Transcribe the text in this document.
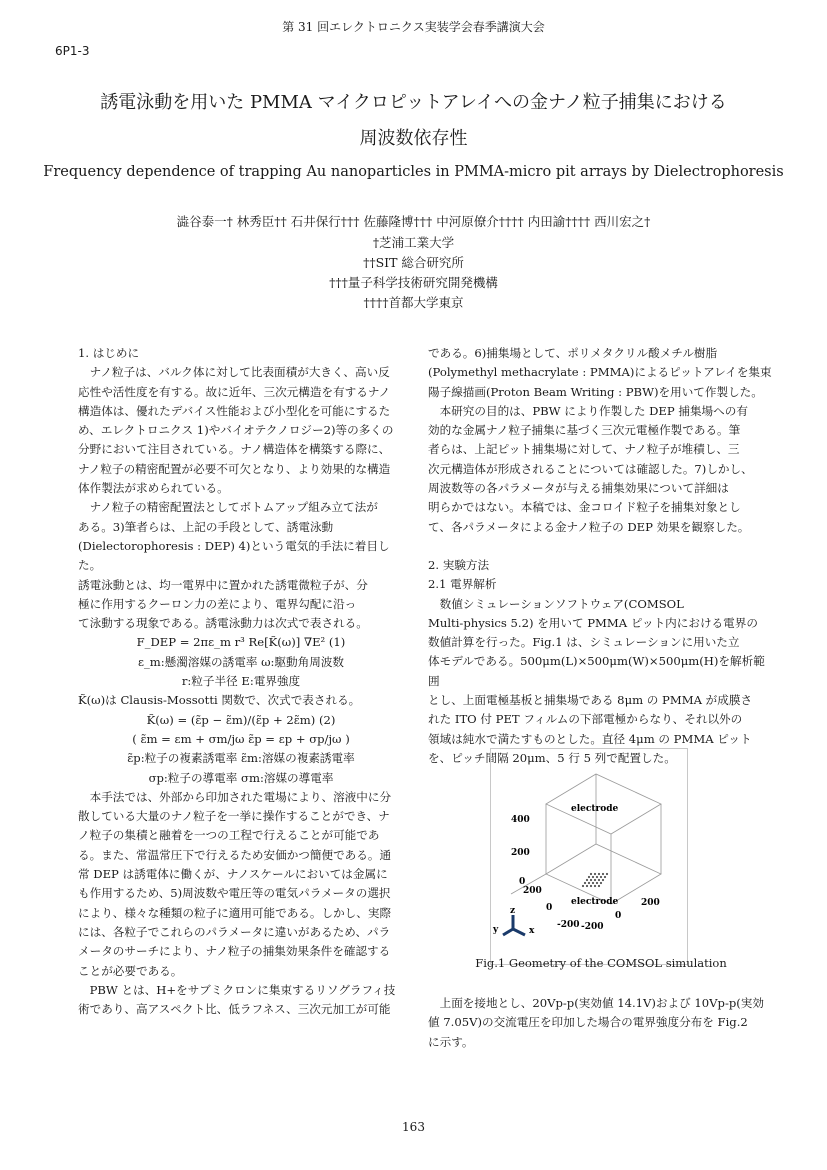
第 31 回エレクトロニクス実装学会春季講演大会
6P1-3
誘電泳動を用いた PMMA マイクロピットアレイへの金ナノ粒子捕集における
周波数依存性
Frequency dependence of trapping Au nanoparticles in PMMA-micro pit arrays by Dielectrophoresis
澁谷泰一† 林秀臣†† 石井保行††† 佐藤隆博††† 中河原僚介†††† 内田諭†††† 西川宏之†
†芝浦工業大学
††SIT 総合研究所
†††量子科学技術研究開発機構
††††首都大学東京

1. はじめに

ナノ粒子は、バルク体に対して比表面積が大きく、高い反

応性や活性度を有する。故に近年、三次元構造を有するナノ

構造体は、優れたデバイス性能および小型化を可能にするた

め、エレクトロニクス 1)やバイオテクノロジー2)等の多くの

分野において注目されている。ナノ構造体を構築する際に、

ナノ粒子の精密配置が必要不可欠となり、より効果的な構造

体作製法が求められている。

ナノ粒子の精密配置法としてボトムアップ組み立て法が

ある。3)筆者らは、上記の手段として、誘電泳動

(Dielectorophoresis : DEP) 4)という電気的手法に着目した。

誘電泳動とは、均一電界中に置かれた誘電微粒子が、分

極に作用するクーロン力の差により、電界勾配に沿っ

て泳動する現象である。誘電泳動力は次式で表される。

F_DEP = 2πε_m r³ Re[K̃(ω)] ∇E² (1)

ε_m:懸濁溶媒の誘電率 ω:駆動角周波数

r:粒子半径 E:電界強度

K̃(ω)は Clausis-Mossotti 関数で、次式で表される。

K̃(ω) = (ε̃p − ε̃m)/(ε̃p + 2ε̃m) (2)

( ε̃m = εm + σm/jω ε̃p = εp + σp/jω )

ε̃p:粒子の複素誘電率 ε̃m:溶媒の複素誘電率

σp:粒子の導電率 σm:溶媒の導電率

本手法では、外部から印加された電場により、溶液中に分

散している大量のナノ粒子を一挙に操作することができ、ナ

ノ粒子の集積と融着を一つの工程で行えることが可能であ

る。また、常温常圧下で行えるため安価かつ簡便である。通

常 DEP は誘電体に働くが、ナノスケールにおいては金属に

も作用するため、5)周波数や電圧等の電気パラメータの選択

により、様々な種類の粒子に適用可能である。しかし、実際

には、各粒子でこれらのパラメータに違いがあるため、パラ

メータのサーチにより、ナノ粒子の捕集効果条件を確認する

ことが必要である。

PBW とは、H+をサブミクロンに集束するリソグラフィ技

術であり、高アスペクト比、低ラフネス、三次元加工が可能

である。6)捕集場として、ポリメタクリル酸メチル樹脂

(Polymethyl methacrylate : PMMA)によるピットアレイを集束

陽子線描画(Proton Beam Writing : PBW)を用いて作製した。

本研究の目的は、PBW により作製した DEP 捕集場への有

効的な金属ナノ粒子捕集に基づく三次元電極作製である。筆

者らは、上記ピット捕集場に対して、ナノ粒子が堆積し、三

次元構造体が形成されることについては確認した。7)しかし、

周波数等の各パラメータが与える捕集効果について詳細は

明らかではない。本稿では、金コロイド粒子を捕集対象とし

て、各パラメータによる金ナノ粒子の DEP 効果を観察した。

2. 実験方法

2.1 電界解析

数値シミュレーションソフトウェア(COMSOL

Multi-physics 5.2) を用いて PMMA ピット内における電界の

数値計算を行った。Fig.1 は、シミュレーションに用いた立

体モデルである。500μm(L)×500μm(W)×500μm(H)を解析範囲

とし、上面電極基板と捕集場である 8μm の PMMA が成膜さ

れた ITO 付 PET フィルムの下部電極からなり、それ以外の

領域は純水で満たすものとした。直径 4μm の PMMA ピット

を、ピッチ間隔 20μm、5 行 5 列で配置した。

electrode
electrode
400
200
0
200
0
-200
200
0
-200
z
y	x
Fig.1 Geometry of the COMSOL simulation

上面を接地とし、20Vp-p(実効値 14.1V)および 10Vp-p(実効

値 7.05V)の交流電圧を印加した場合の電界強度分布を Fig.2

に示す。

163
